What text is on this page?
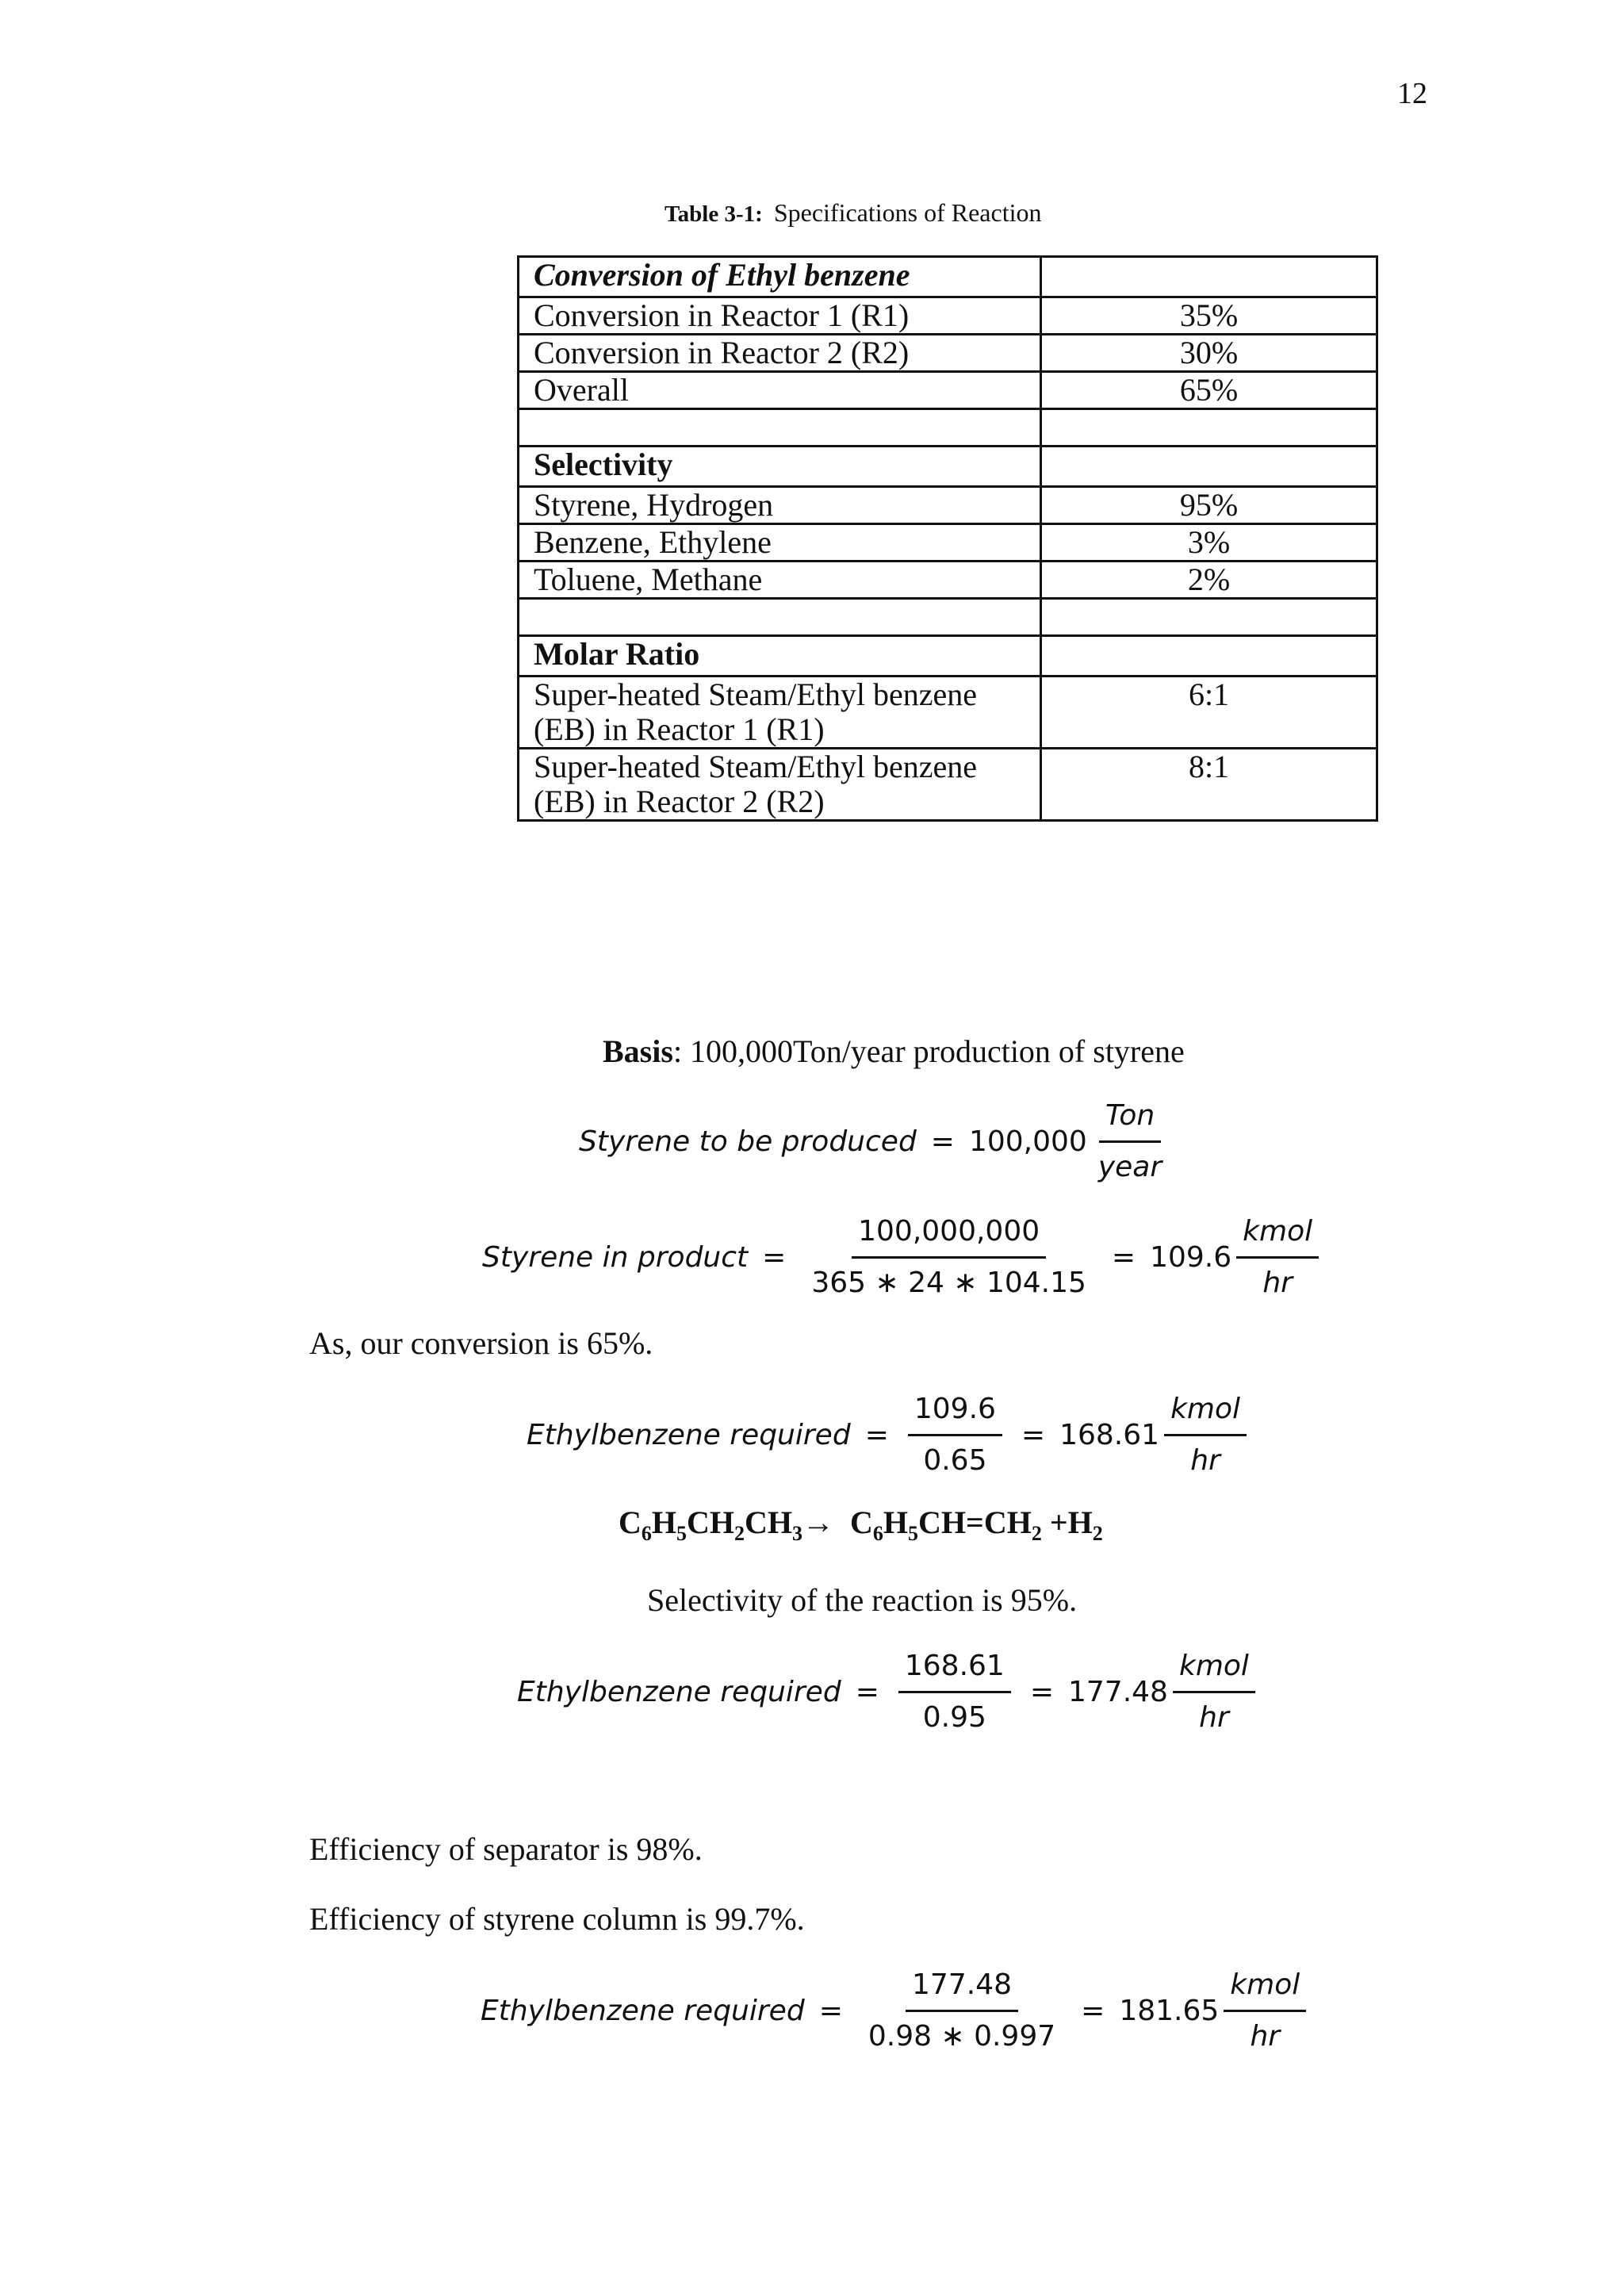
12
Table 3-1: Specifications of Reaction
Conversion of Ethyl benzene	
Conversion in Reactor 1 (R1)	35%
Conversion in Reactor 2 (R2)	30%
Overall	65%

Selectivity	
Styrene, Hydrogen	95%
Benzene, Ethylene	3%
Toluene, Methane	2%

Molar Ratio	
Super-heated Steam/Ethyl benzene (EB) in Reactor 1 (R1)	6:1
Super-heated Steam/Ethyl benzene (EB) in Reactor 2 (R2)	8:1
Basis: 100,000Ton/year production of styrene
Styrene to be produced = $100,000 \frac{\text{Ton}}{\text{year}}$
Styrene in product = $\frac{100,000,000}{365 ∗ 24 ∗ 104.15} = 109.6 \frac{\text{kmol}}{hr}$
As, our conversion is 65%.
Ethylbenzene required = $\frac{109.6}{0.65} = 168.61 \frac{\text{kmol}}{hr}$
$C_6H_5CH_2CH_3\to C_6H_5CH=CH_2 +H_2$
Selectivity of the reaction is 95%.
Ethylbenzene required = $\frac{168.61}{0.95} = 177.48 \frac{\text{kmol}}{hr}$
Efficiency of separator is 98%.
Efficiency of styrene column is 99.7%.
Ethylbenzene required = $\frac{177.48}{0.98 ∗ 0.997} = 181.65 \frac{\text{kmol}}{hr}$
